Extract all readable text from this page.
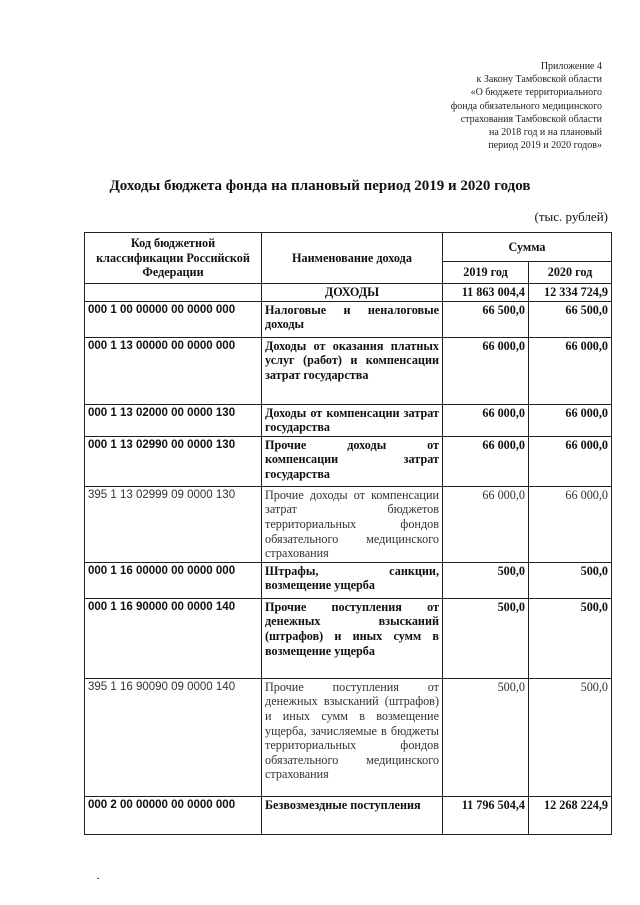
Приложение 4
к Закону Тамбовской области
«О бюджете территориального
фонда обязательного медицинского
страхования Тамбовской области
на 2018 год и на плановый
период 2019 и 2020 годов»
Доходы бюджета фонда на плановый период 2019 и 2020 годов
(тыс. рублей)
Код бюджетной классификации Российской Федерации	Наименование дохода	Сумма	
		2019 год	2020 год
	ДОХОДЫ	11 863 004,4	12 334 724,9
000 1 00 00000 00 0000 000	Налоговые и неналоговые доходы	66 500,0	66 500,0
000 1 13 00000 00 0000 000	Доходы от оказания платных услуг (работ) и компенсации затрат государства	66 000,0	66 000,0
000 1 13 02000 00 0000 130	Доходы от компенсации затрат государства	66 000,0	66 000,0
000 1 13 02990 00 0000 130	Прочие доходы от компенсации затрат государства	66 000,0	66 000,0
395 1 13 02999 09 0000 130	Прочие доходы от компенсации затрат бюджетов территориальных фондов обязательного медицинского страхования	66 000,0	66 000,0
000 1 16 00000 00 0000 000	Штрафы, санкции, возмещение ущерба	500,0	500,0
000 1 16 90000 00 0000 140	Прочие поступления от денежных взысканий (штрафов) и иных сумм в возмещение ущерба	500,0	500,0
395 1 16 90090 09 0000 140	Прочие поступления от денежных взысканий (штрафов) и иных сумм в возмещение ущерба, зачисляемые в бюджеты территориальных фондов обязательного медицинского страхования	500,0	500,0
000 2 00 00000 00 0000 000	Безвозмездные поступления	11 796 504,4	12 268 224,9
